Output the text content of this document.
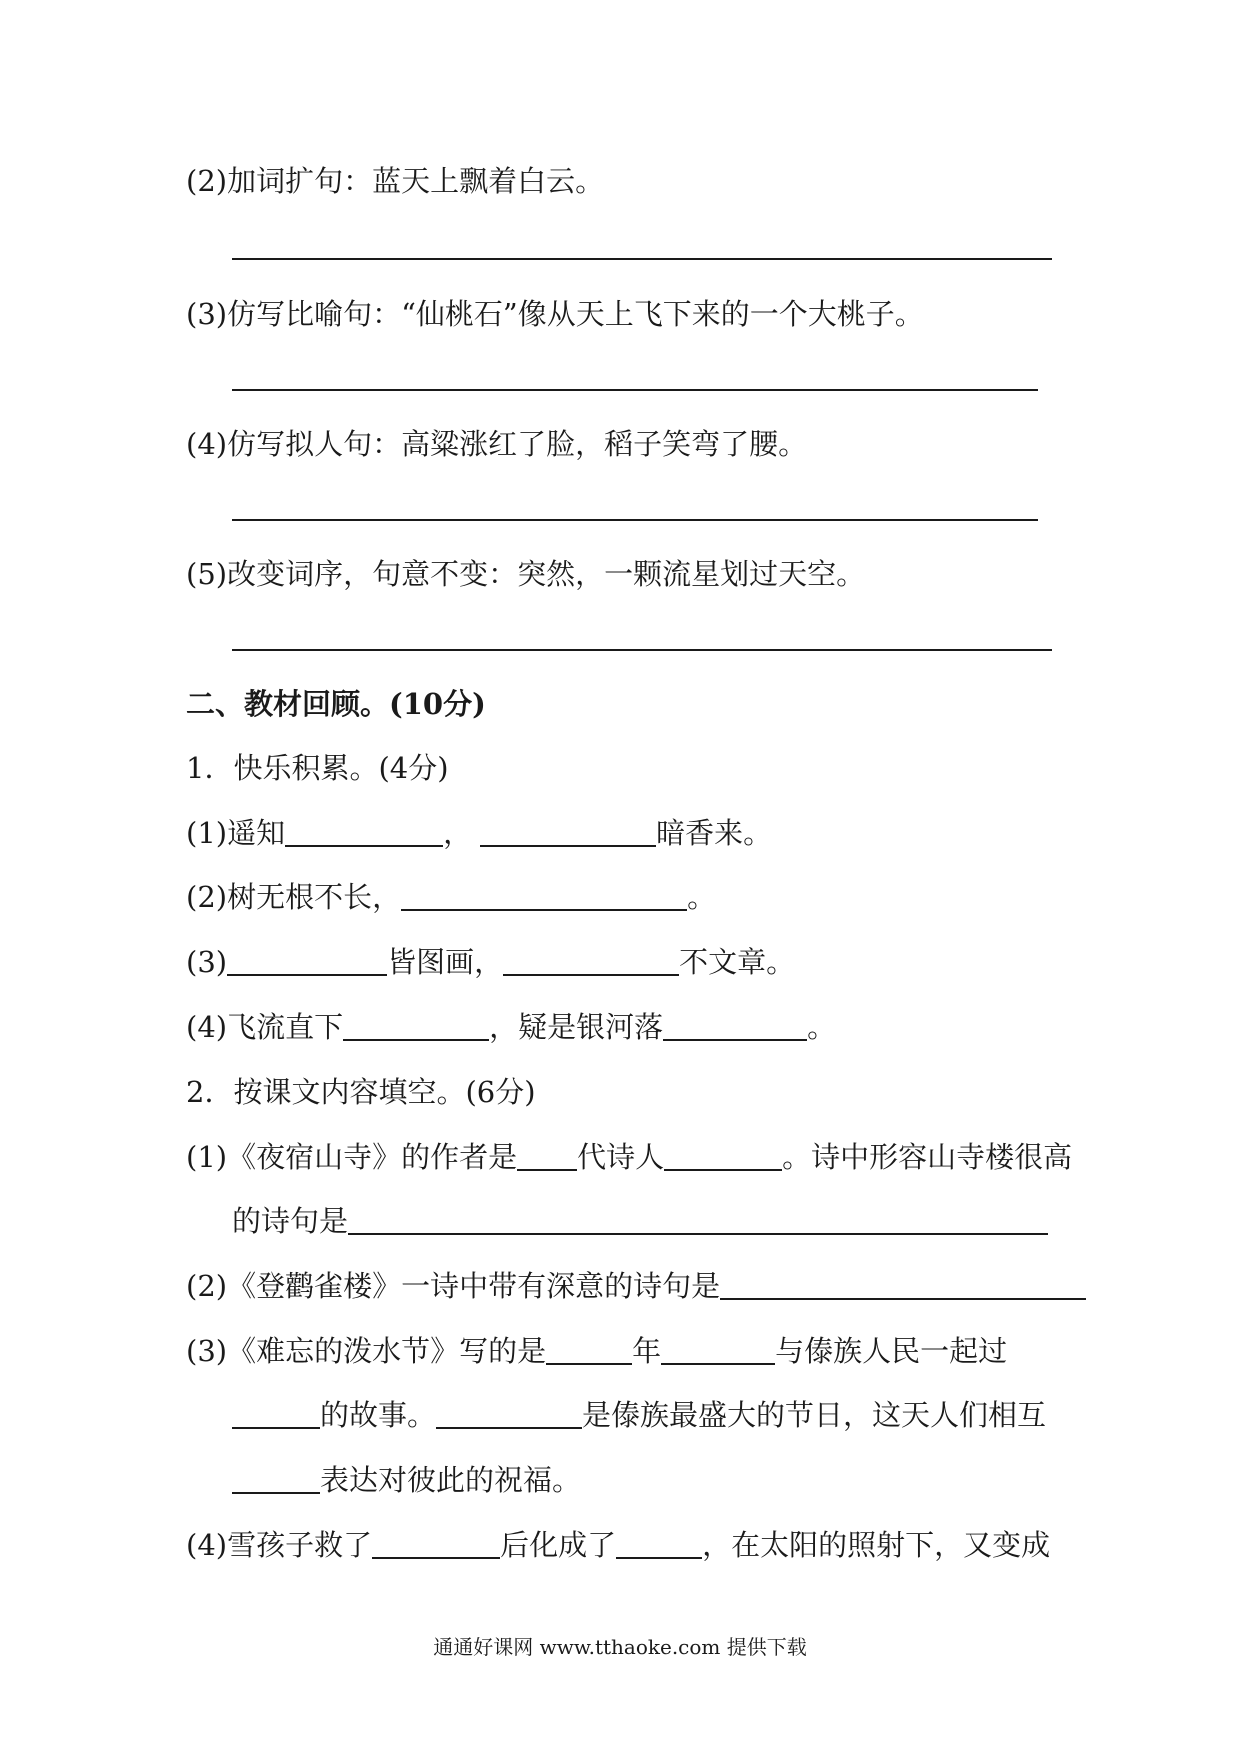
(2)加词扩句：蓝天上飘着白云。
(3)仿写比喻句：“仙桃石”像从天上飞下来的一个大桃子。
(4)仿写拟人句：高粱涨红了脸，稻子笑弯了腰。
(5)改变词序，句意不变：突然，一颗流星划过天空。
二、教材回顾。(10分)
1．快乐积累。(4分)
(1)遥知	，	暗香来。
(2)树无根不长，	。
(3)	皆图画，	不文章。
(4)飞流直下	，疑是银河落	。
2．按课文内容填空。(6分)
(1)《夜宿山寺》的作者是 代诗人	。诗中形容山寺楼很高
的诗句是
(2)《登鹳雀楼》一诗中带有深意的诗句是
(3)《难忘的泼水节》写的是	年	与傣族人民一起过
的故事。	是傣族最盛大的节日，这天人们相互
表达对彼此的祝福。
(4)雪孩子救了	后化成了	，在太阳的照射下，又变成
通通好课网 www.tthaoke.com 提供下载
